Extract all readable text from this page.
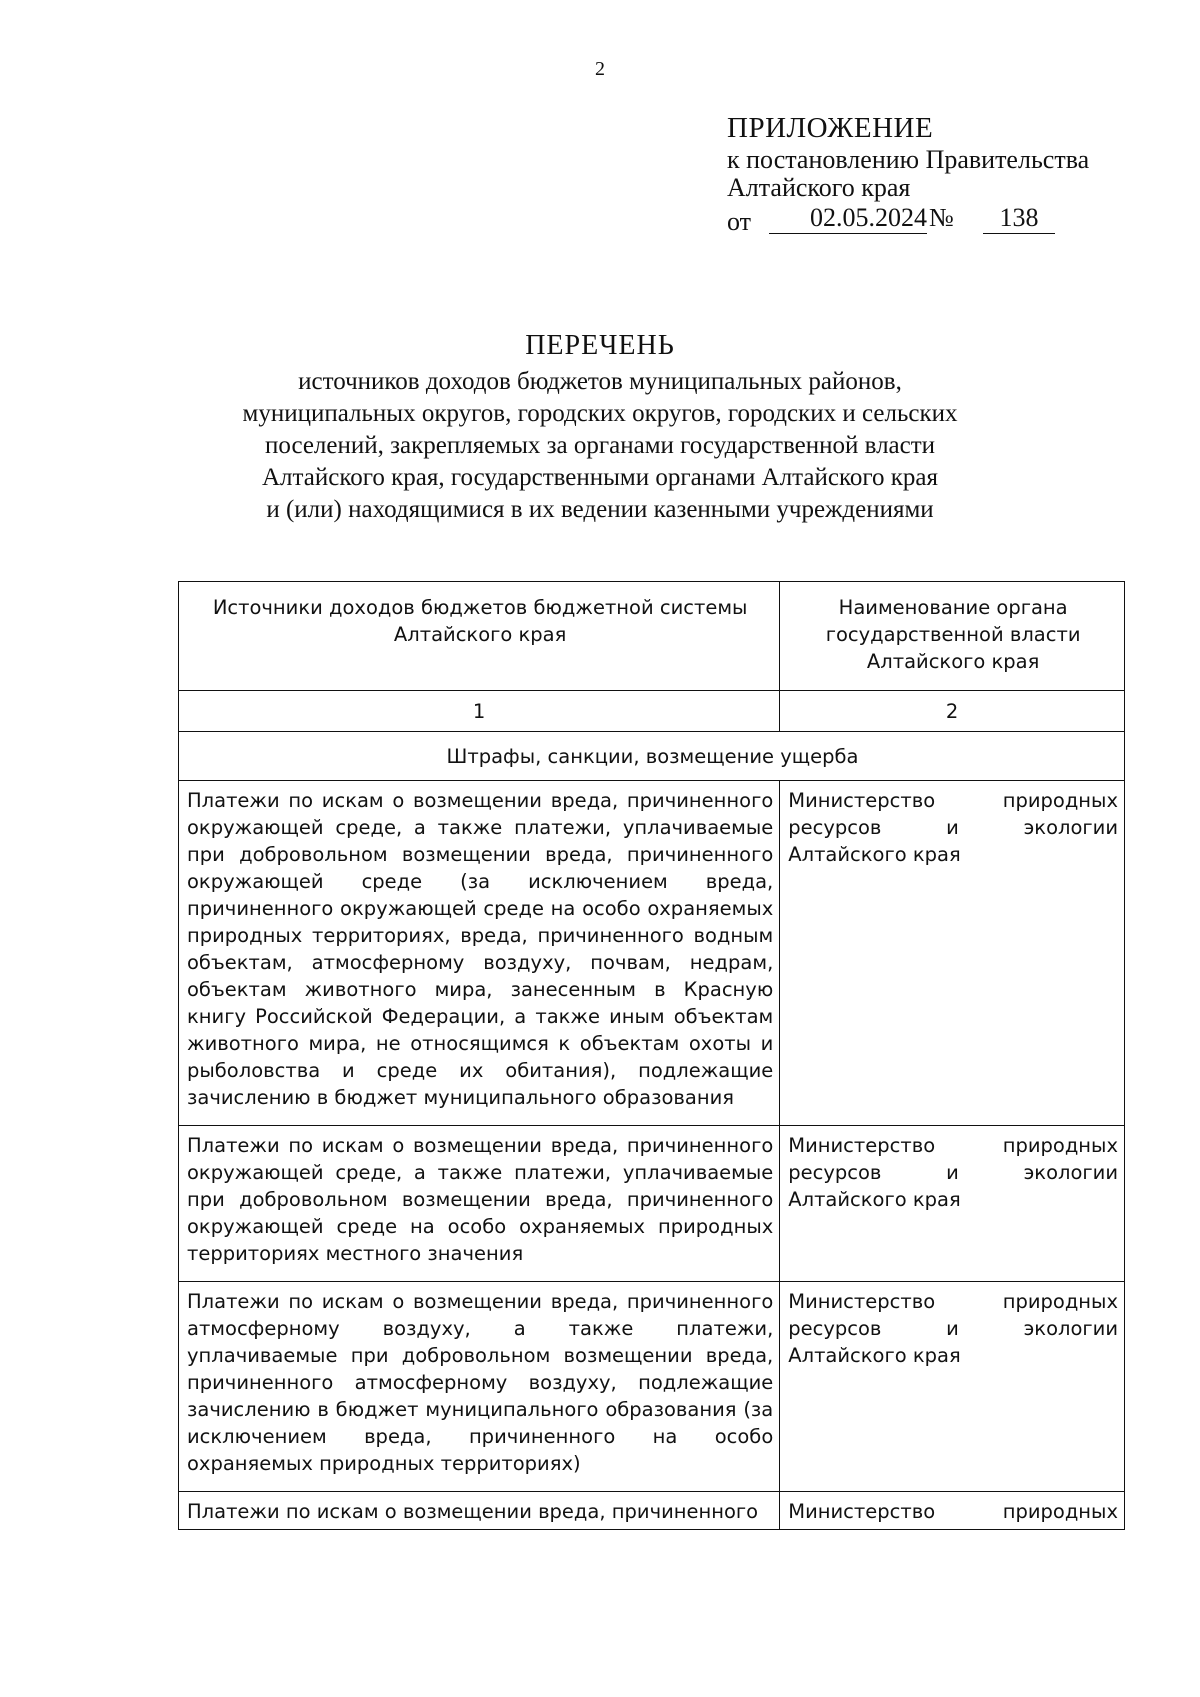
2
ПРИЛОЖЕНИЕ
к постановлению Правительства
Алтайского края
от	02.05.2024 №	138
ПЕРЕЧЕНЬ
источников доходов бюджетов муниципальных районов,
муниципальных округов, городских округов, городских и сельских
поселений, закрепляемых за органами государственной власти
Алтайского края, государственными органами Алтайского края
и (или) находящимися в их ведении казенными учреждениями
Источники доходов бюджетов бюджетной системы Алтайского края	Наименование органа государственной власти Алтайского края
1	2
Штрафы, санкции, возмещение ущерба	
Платежи по искам о возмещении вреда, причиненного окружающей среде, а также платежи, уплачиваемые при добровольном возмещении вреда, причиненного окружающей среде (за исключением вреда, причиненного окружающей среде на особо охраняемых природных территориях, вреда, причиненного водным объектам, атмосферному воздуху, почвам, недрам, объектам животного мира, занесенным в Красную книгу Российской Федерации, а также иным объектам животного мира, не относящимся к объектам охоты и рыболовства и среде их обитания), подлежащие зачислению в бюджет муниципального образования	Министерство природных ресурсов и экологии Алтайского края
Платежи по искам о возмещении вреда, причиненного окружающей среде, а также платежи, уплачиваемые при добровольном возмещении вреда, причиненного окружающей среде на особо охраняемых природных территориях местного значения	Министерство природных ресурсов и экологии Алтайского края
Платежи по искам о возмещении вреда, причиненного атмосферному воздуху, а также платежи, уплачиваемые при добровольном возмещении вреда, причиненного атмосферному воздуху, подлежащие зачислению в бюджет муниципального образования (за исключением вреда, причиненного на особо охраняемых природных территориях)	Министерство природных ресурсов и экологии Алтайского края
Платежи по искам о возмещении вреда, причиненного	Министерство природных
